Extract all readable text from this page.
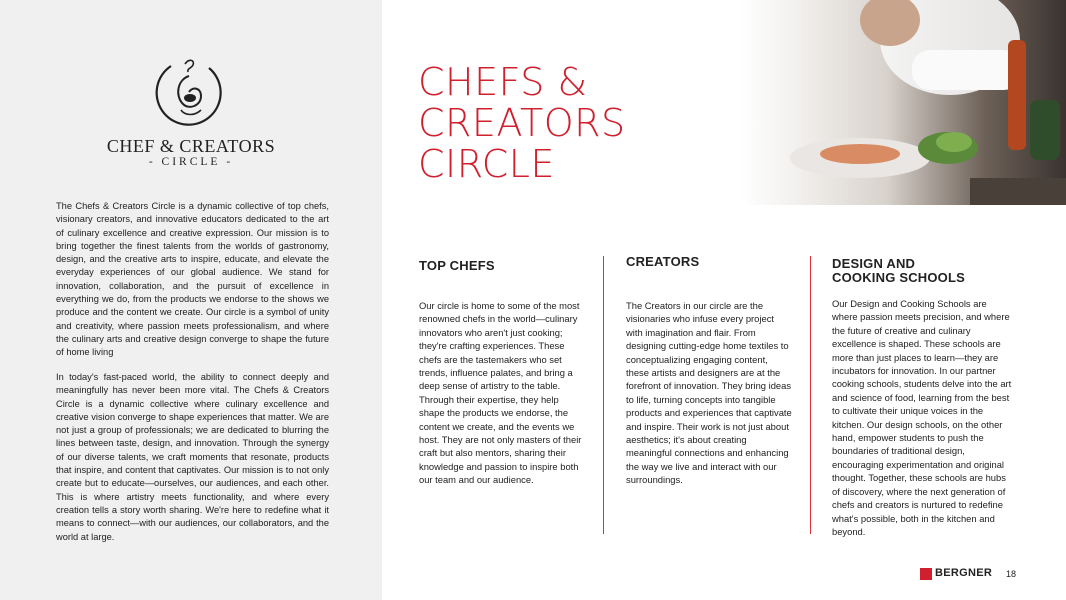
CHEF & CREATORS
- CIRCLE -
The Chefs & Creators Circle is a dynamic collective of top chefs, visionary creators, and innovative educators dedicated to the art of culinary excellence and creative expression. Our mission is to bring together the finest talents from the worlds of gastronomy, design, and the creative arts to inspire, educate, and elevate the everyday experiences of our global audience. We stand for innovation, collaboration, and the pursuit of excellence in everything we do, from the products we endorse to the shows we produce and the content we create. Our circle is a symbol of unity and creativity, where passion meets professionalism, and where the culinary arts and creative design converge to shape the future of home living
In today's fast-paced world, the ability to connect deeply and meaningfully has never been more vital. The Chefs & Creators Circle is a dynamic collective where culinary excellence and creative vision converge to shape experiences that matter. We are not just a group of professionals; we are dedicated to blurring the lines between taste, design, and innovation. Through the synergy of our diverse talents, we craft moments that resonate, products that inspire, and content that captivates. Our mission is to not only create but to educate—ourselves, our audiences, and each other. This is where artistry meets functionality, and where every creation tells a story worth sharing. We're here to redefine what it means to connect—with our audiences, our collaborators, and the world at large.
CHEFS &
CREATORS
CIRCLE
TOP CHEFS
Our circle is home to some of the most renowned chefs in the world—culinary innovators who aren't just cooking; they're crafting experiences. These chefs are the tastemakers who set trends, influence palates, and bring a deep sense of artistry to the table. Through their expertise, they help shape the products we endorse, the content we create, and the events we host. They are not only masters of their craft but also mentors, sharing their knowledge and passion to inspire both our team and our audience.
CREATORS
The Creators in our circle are the visionaries who infuse every project with imagination and flair. From designing cutting-edge home textiles to conceptualizing engaging content, these artists and designers are at the forefront of innovation. They bring ideas to life, turning concepts into tangible products and experiences that captivate and inspire. Their work is not just about aesthetics; it's about creating meaningful connections and enhancing the way we live and interact with our surroundings.
DESIGN AND
COOKING SCHOOLS
Our Design and Cooking Schools are where passion meets precision, and where the future of creative and culinary excellence is shaped. These schools are more than just places to learn—they are incubators for innovation. In our partner cooking schools, students delve into the art and science of food, learning from the best to cultivate their unique voices in the kitchen. Our design schools, on the other hand, empower students to push the boundaries of traditional design, encouraging experimentation and original thought. Together, these schools are hubs of discovery, where the next generation of chefs and creators is nurtured to redefine what's possible, both in the kitchen and beyond.
BERGNER 18
